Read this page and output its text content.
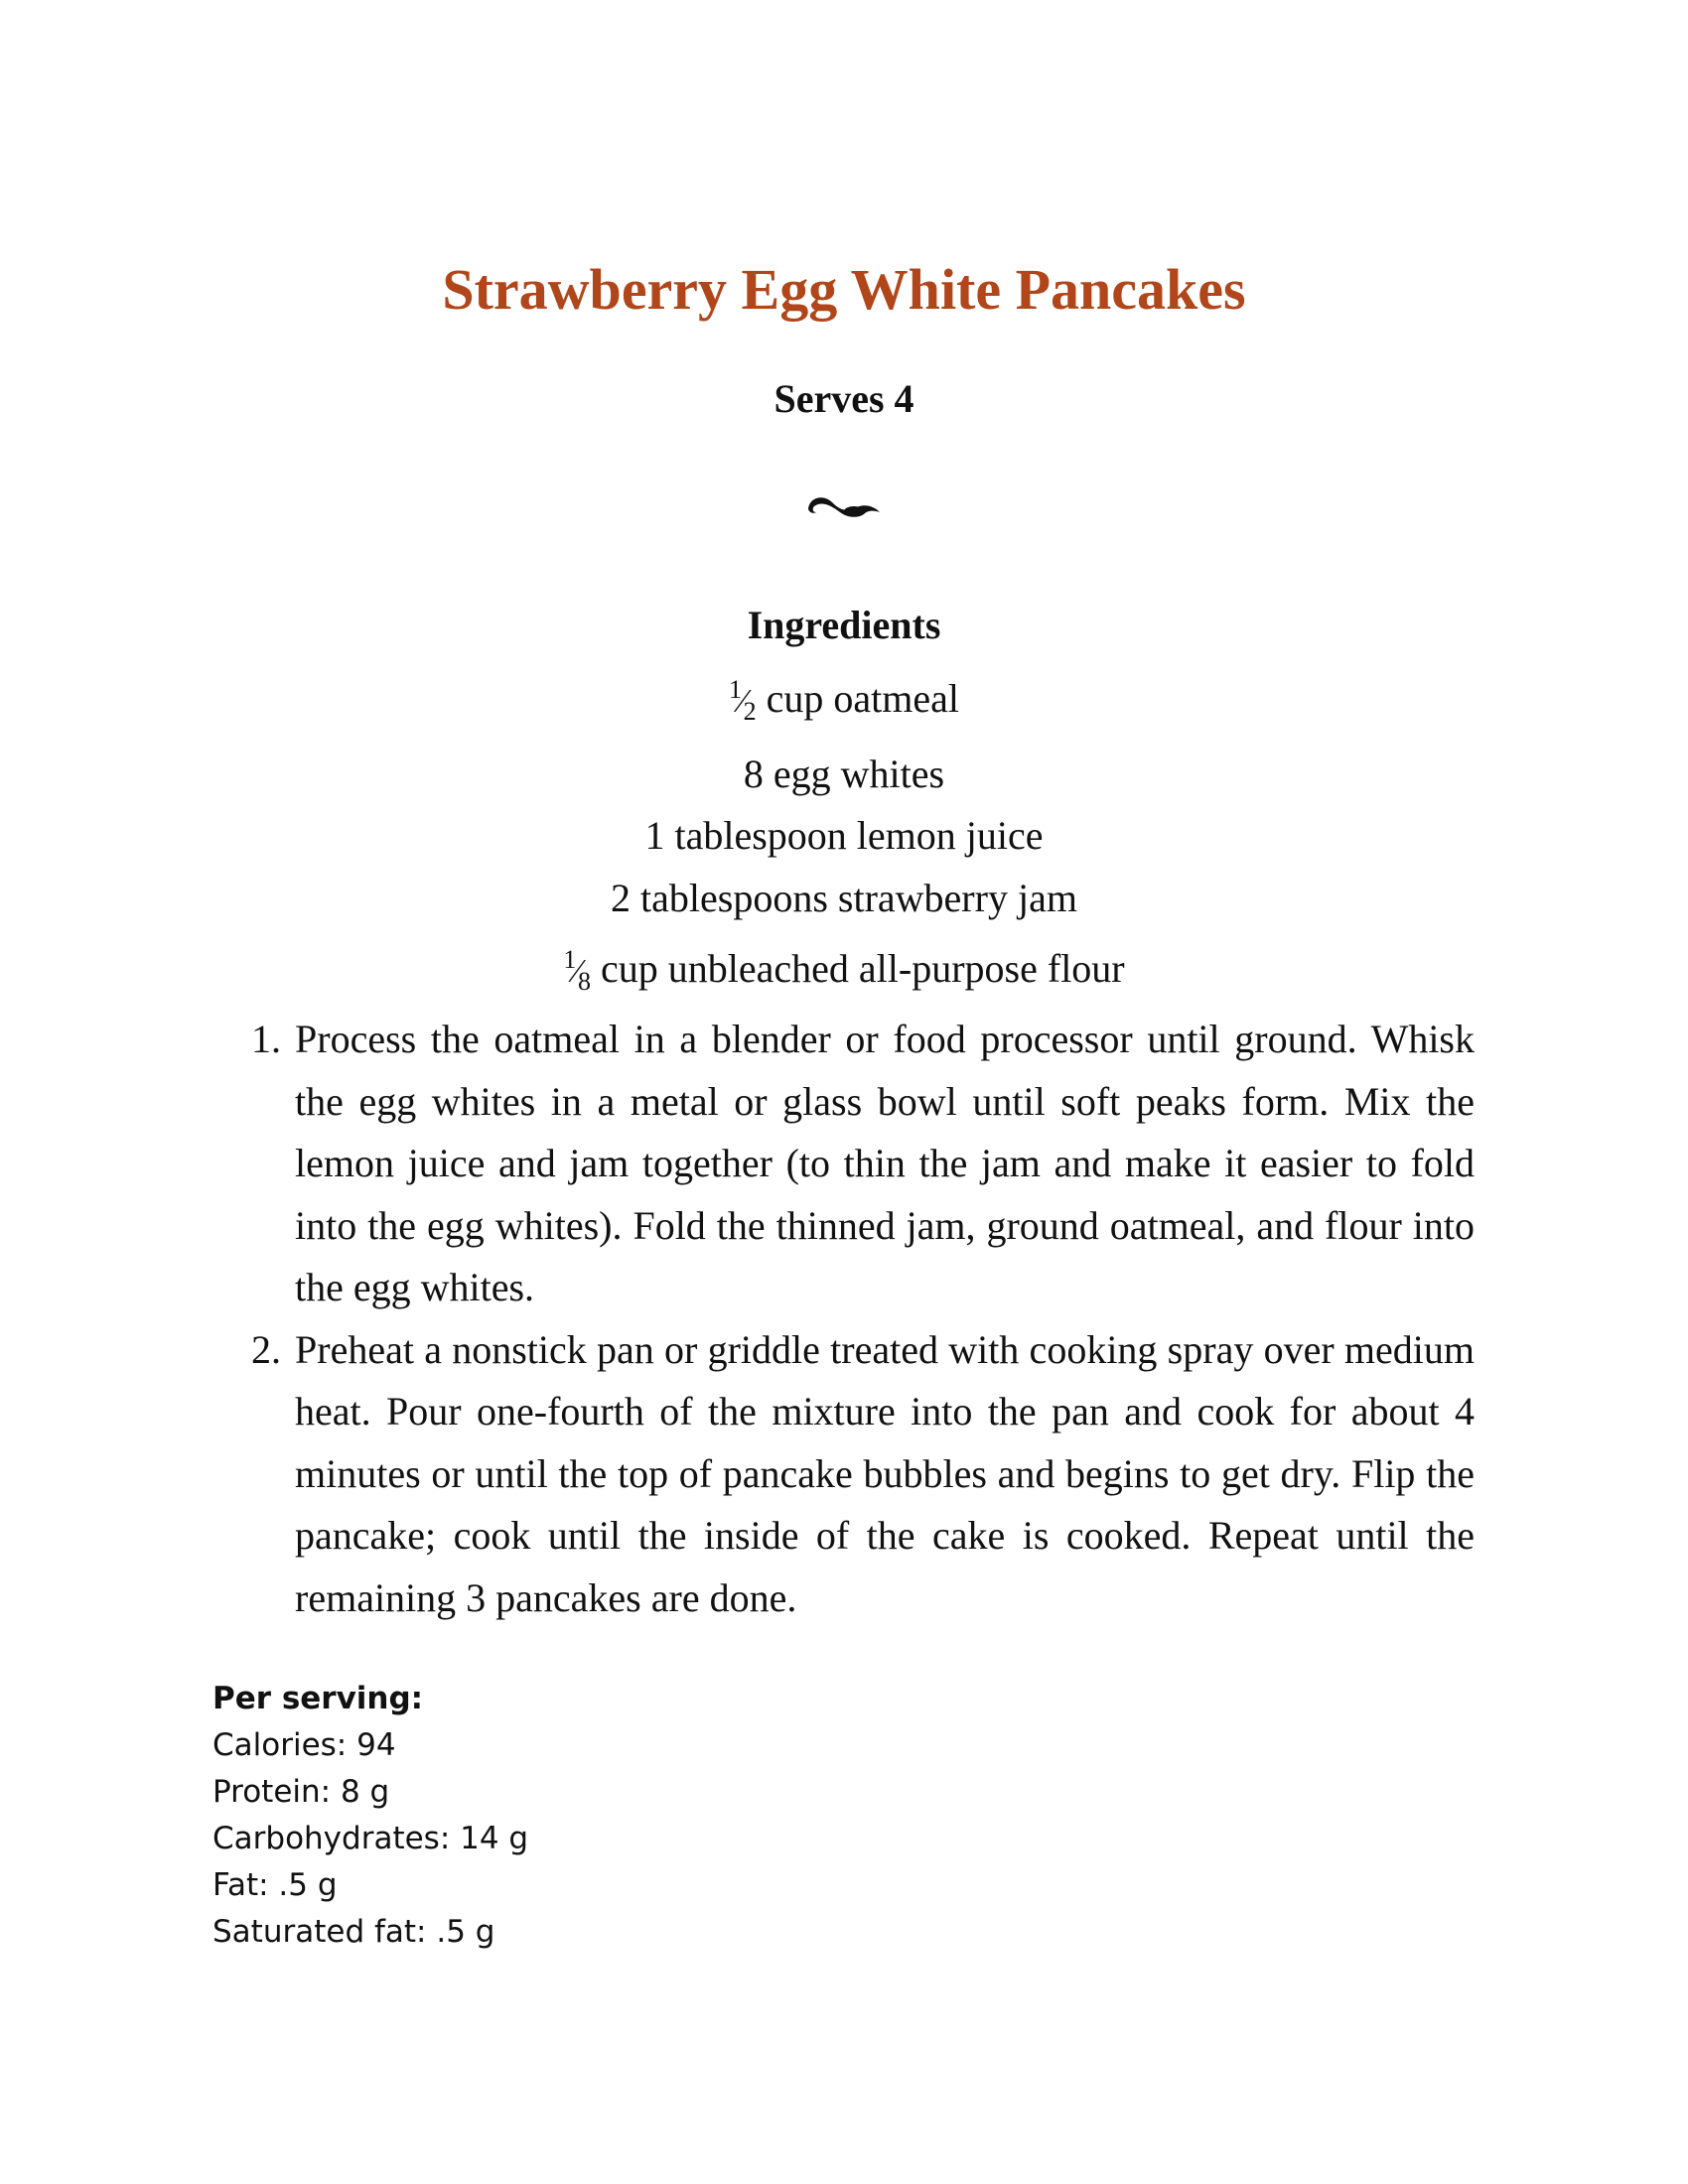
Strawberry Egg White Pancakes
Serves 4
Ingredients
$^1⁄_2$ cup oatmeal
8 egg whites
1 tablespoon lemon juice
2 tablespoons strawberry jam
$^1⁄_8$ cup unbleached all-purpose flour
1. Process the oatmeal in a blender or food processor until ground. Whisk the egg whites in a metal or glass bowl until soft peaks form. Mix the lemon juice and jam together (to thin the jam and make it easier to fold into the egg whites). Fold the thinned jam, ground oatmeal, and flour into the egg whites.
2. Preheat a nonstick pan or griddle treated with cooking spray over medium heat. Pour one-fourth of the mixture into the pan and cook for about 4 minutes or until the top of pancake bubbles and begins to get dry. Flip the pancake; cook until the inside of the cake is cooked. Repeat until the remaining 3 pancakes are done.
Per serving:
Calories: 94
Protein: 8 g
Carbohydrates: 14 g
Fat: .5 g
Saturated fat: .5 g
